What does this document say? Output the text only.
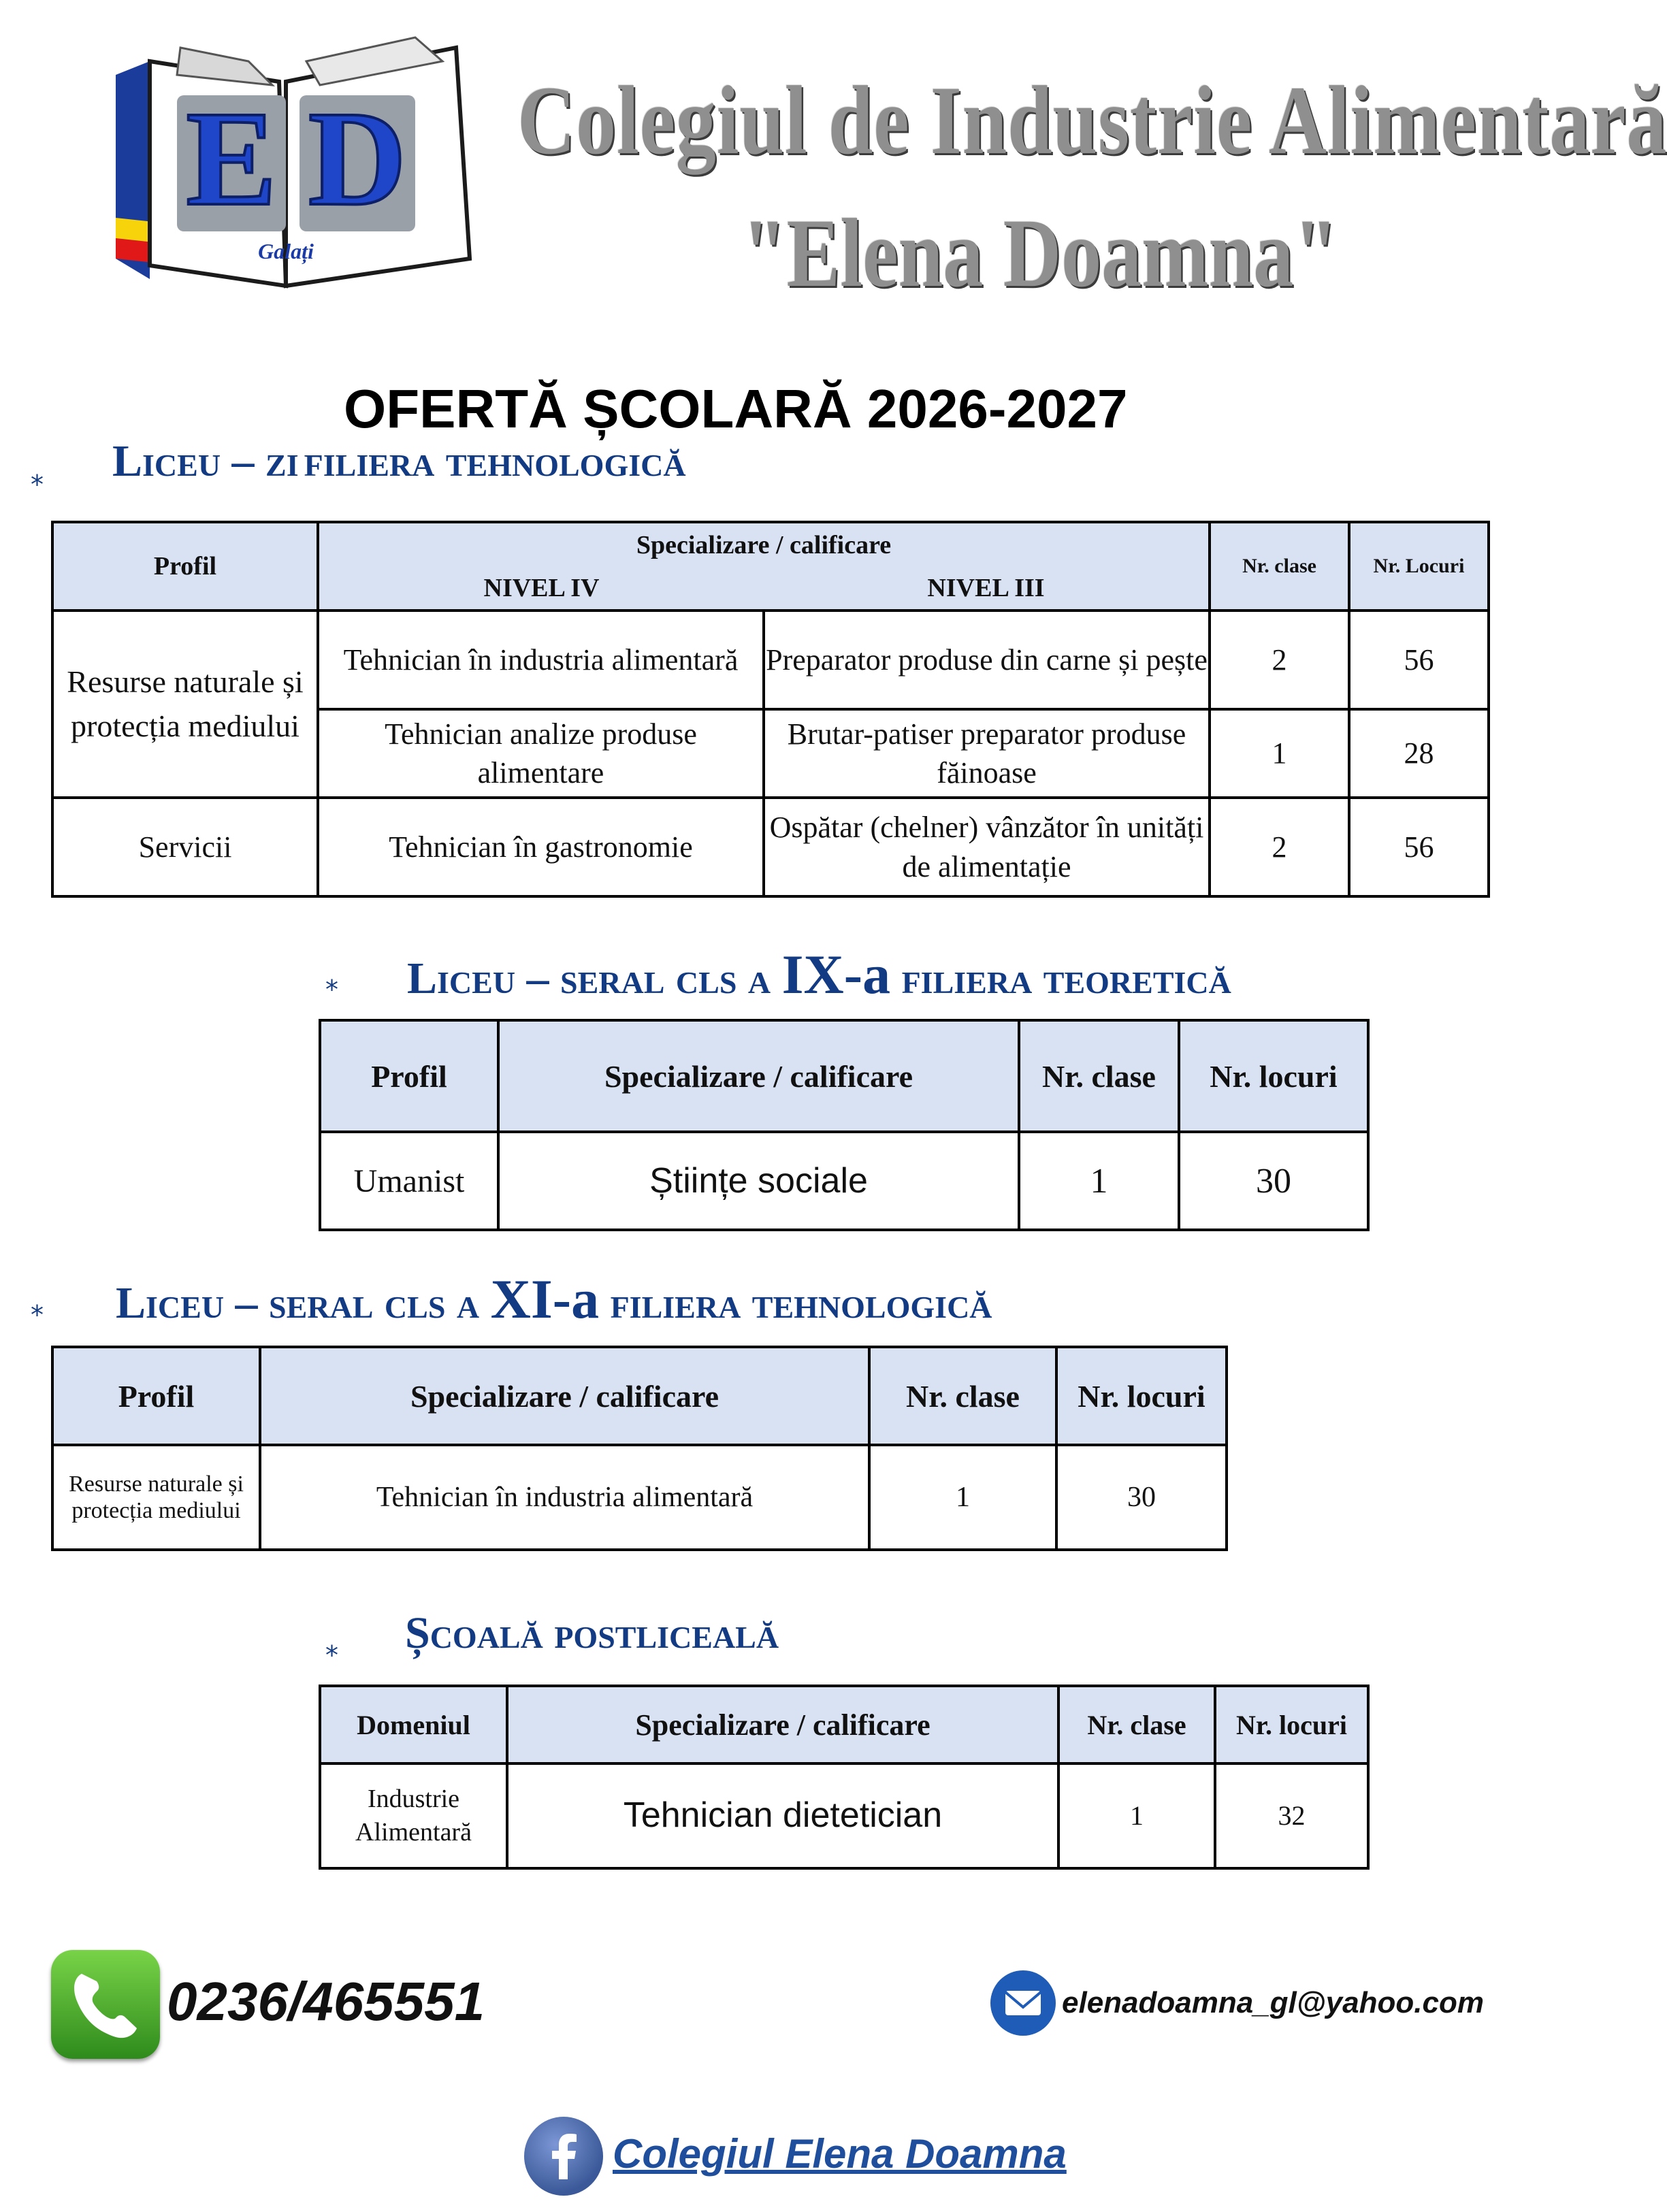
E D
Galați
Colegiul de Industrie Alimentară
"Elena Doamna"
OFERTĂ ȘCOLARĂ 2026-2027
* Liceu – zi filiera tehnologică
Profil	Specializare / calificare		Nr. clase	Nr. Locuri
	NIVEL IV	NIVEL III		
Resurse naturale și protecția mediului	Tehnician în industria alimentară	Preparator produse din carne și pește	2	56
	Tehnician analize produse alimentare	Brutar-patiser preparator produse făinoase	1	28
Servicii	Tehnician în gastronomie	Ospătar (chelner) vânzător în unități de alimentație	2	56
* Liceu – seral cls a IX-a filiera teoretică
Profil	Specializare / calificare	Nr. clase	Nr. locuri
Umanist	Științe sociale	1	30
* Liceu – seral cls a XI-a filiera tehnologică
Profil	Specializare / calificare	Nr. clase	Nr. locuri
Resurse naturale și protecția mediului	Tehnician în industria alimentară	1	30
* Școală postliceală
Domeniul	Specializare / calificare	Nr. clase	Nr. locuri
Industrie Alimentară	Tehnician dietetician	1	32
0236/465551	elenadoamna_gl@yahoo.com
Colegiul Elena Doamna
